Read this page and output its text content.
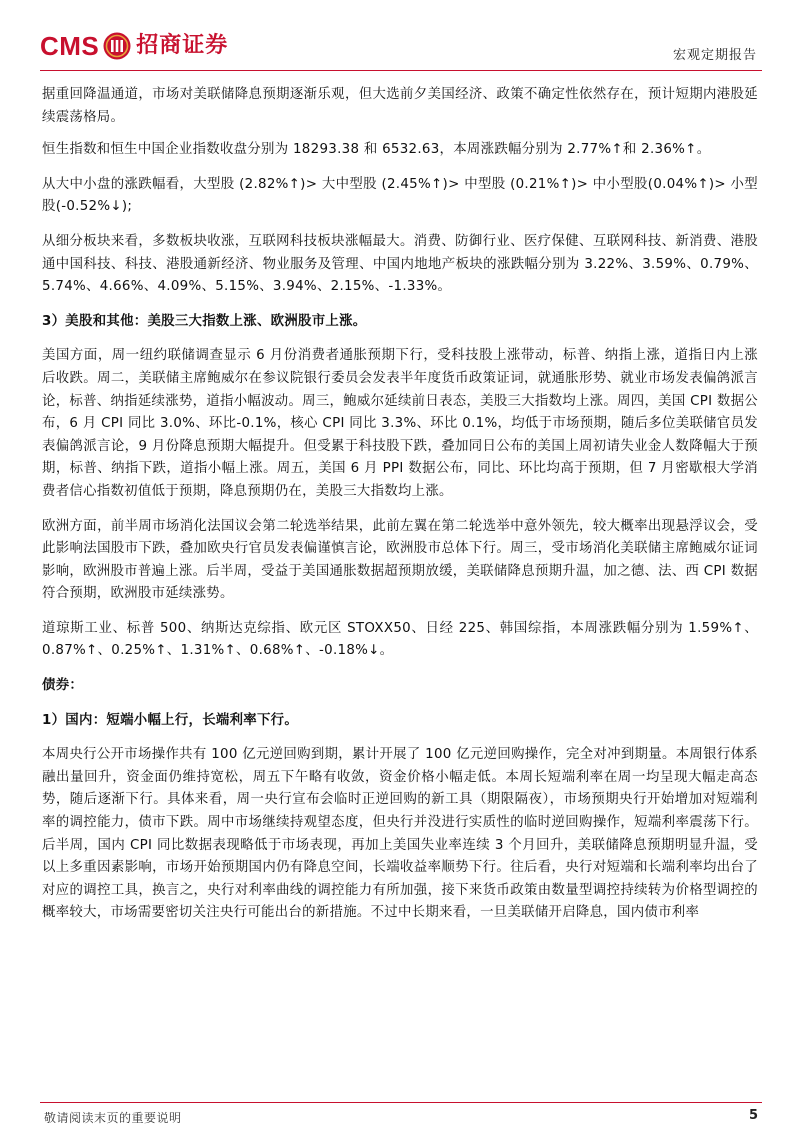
CMS 招商证券	宏观定期报告

据重回降温通道，市场对美联储降息预期逐渐乐观，但大选前夕美国经济、政策不确定性依然存在，预计短期内港股延续震荡格局。

恒生指数和恒生中国企业指数收盘分别为 18293.38 和 6532.63，本周涨跌幅分别为 2.77%↑和 2.36%↑。

从大中小盘的涨跌幅看，大型股 (2.82%↑)> 大中型股 (2.45%↑)> 中型股 (0.21%↑)> 中小型股(0.04%↑)> 小型股(-0.52%↓);

从细分板块来看，多数板块收涨，互联网科技板块涨幅最大。消费、防御行业、医疗保健、互联网科技、新消费、港股通中国科技、科技、港股通新经济、物业服务及管理、中国内地地产板块的涨跌幅分别为 3.22%、3.59%、0.79%、5.74%、4.66%、4.09%、5.15%、3.94%、2.15%、-1.33%。

3）美股和其他：美股三大指数上涨、欧洲股市上涨。

美国方面，周一纽约联储调查显示 6 月份消费者通胀预期下行，受科技股上涨带动，标普、纳指上涨，道指日内上涨后收跌。周二，美联储主席鲍威尔在参议院银行委员会发表半年度货币政策证词，就通胀形势、就业市场发表偏鸽派言论，标普、纳指延续涨势，道指小幅波动。周三，鲍威尔延续前日表态，美股三大指数均上涨。周四，美国 CPI 数据公布，6 月 CPI 同比 3.0%、环比-0.1%，核心 CPI 同比 3.3%、环比 0.1%，均低于市场预期，随后多位美联储官员发表偏鸽派言论，9 月份降息预期大幅提升。但受累于科技股下跌，叠加同日公布的美国上周初请失业金人数降幅大于预期，标普、纳指下跌，道指小幅上涨。周五，美国 6 月 PPI 数据公布，同比、环比均高于预期，但 7 月密歇根大学消费者信心指数初值低于预期，降息预期仍在，美股三大指数均上涨。

欧洲方面，前半周市场消化法国议会第二轮选举结果，此前左翼在第二轮选举中意外领先，较大概率出现悬浮议会，受此影响法国股市下跌，叠加欧央行官员发表偏谨慎言论，欧洲股市总体下行。周三，受市场消化美联储主席鲍威尔证词影响，欧洲股市普遍上涨。后半周，受益于美国通胀数据超预期放缓，美联储降息预期升温，加之德、法、西 CPI 数据符合预期，欧洲股市延续涨势。

道琼斯工业、标普 500、纳斯达克综指、欧元区 STOXX50、日经 225、韩国综指，本周涨跌幅分别为 1.59%↑、0.87%↑、0.25%↑、1.31%↑、0.68%↑、-0.18%↓。

债券：

1）国内：短端小幅上行，长端利率下行。

本周央行公开市场操作共有 100 亿元逆回购到期，累计开展了 100 亿元逆回购操作，完全对冲到期量。本周银行体系融出量回升，资金面仍维持宽松，周五下午略有收敛，资金价格小幅走低。本周长短端利率在周一均呈现大幅走高态势，随后逐渐下行。具体来看，周一央行宣布会临时正逆回购的新工具（期限隔夜），市场预期央行开始增加对短端利率的调控能力，债市下跌。周中市场继续持观望态度，但央行并没进行实质性的临时逆回购操作，短端利率震荡下行。后半周，国内 CPI 同比数据表现略低于市场表现，再加上美国失业率连续 3 个月回升，美联储降息预期明显升温，受以上多重因素影响，市场开始预期国内仍有降息空间，长端收益率顺势下行。往后看，央行对短端和长端利率均出台了对应的调控工具，换言之，央行对利率曲线的调控能力有所加强，接下来货币政策由数量型调控持续转为价格型调控的概率较大，市场需要密切关注央行可能出台的新措施。不过中长期来看，一旦美联储开启降息，国内债市利率

敬请阅读末页的重要说明	5
